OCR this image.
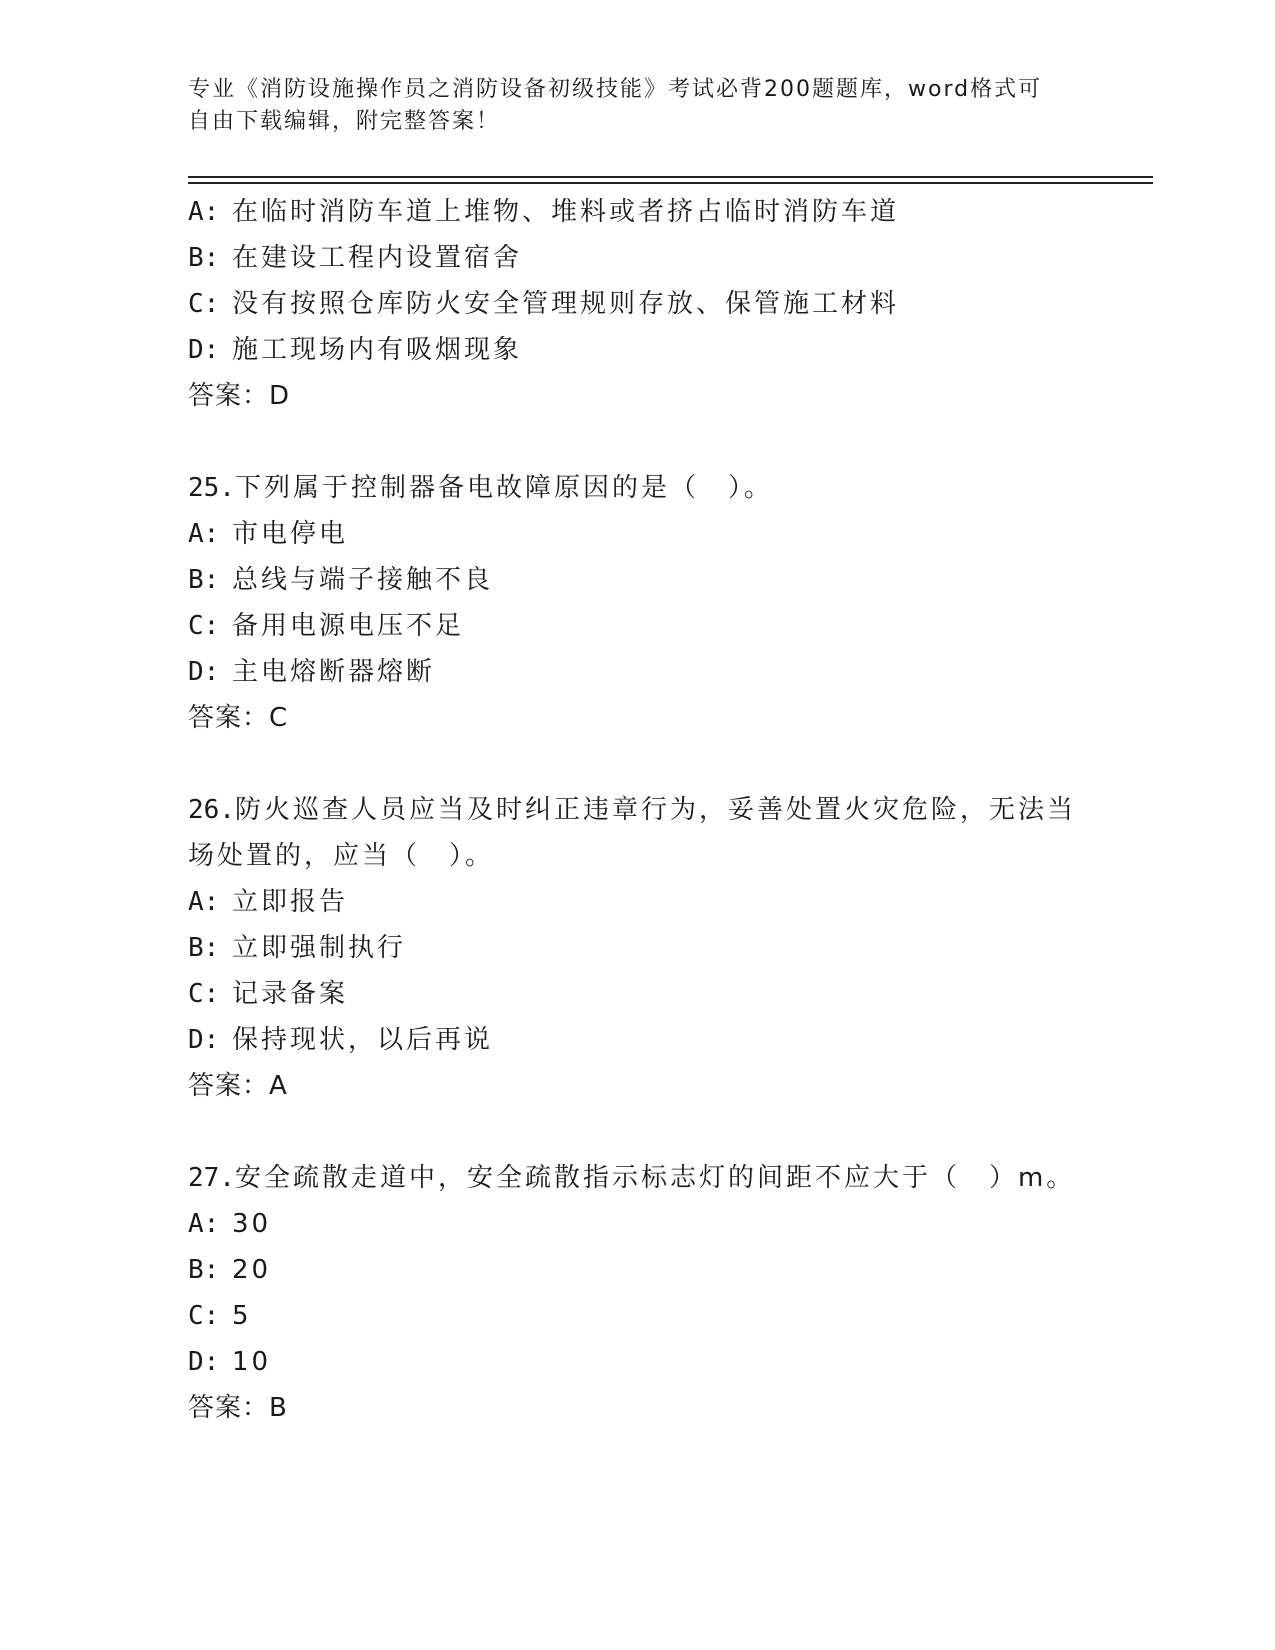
专业《消防设施操作员之消防设备初级技能》考试必背200题题库，word格式可
自由下载编辑，附完整答案！
A: 在临时消防车道上堆物、堆料或者挤占临时消防车道
B: 在建设工程内设置宿舍
C: 没有按照仓库防火安全管理规则存放、保管施工材料
D: 施工现场内有吸烟现象
答案：D
25.下列属于控制器备电故障原因的是（　）。
A: 市电停电
B: 总线与端子接触不良
C: 备用电源电压不足
D: 主电熔断器熔断
答案：C
26.防火巡查人员应当及时纠正违章行为，妥善处置火灾危险，无法当
场处置的，应当（　）。
A: 立即报告
B: 立即强制执行
C: 记录备案
D: 保持现状，以后再说
答案：A
27.安全疏散走道中，安全疏散指示标志灯的间距不应大于（　）m。
A: 30
B: 20
C: 5
D: 10
答案：B
